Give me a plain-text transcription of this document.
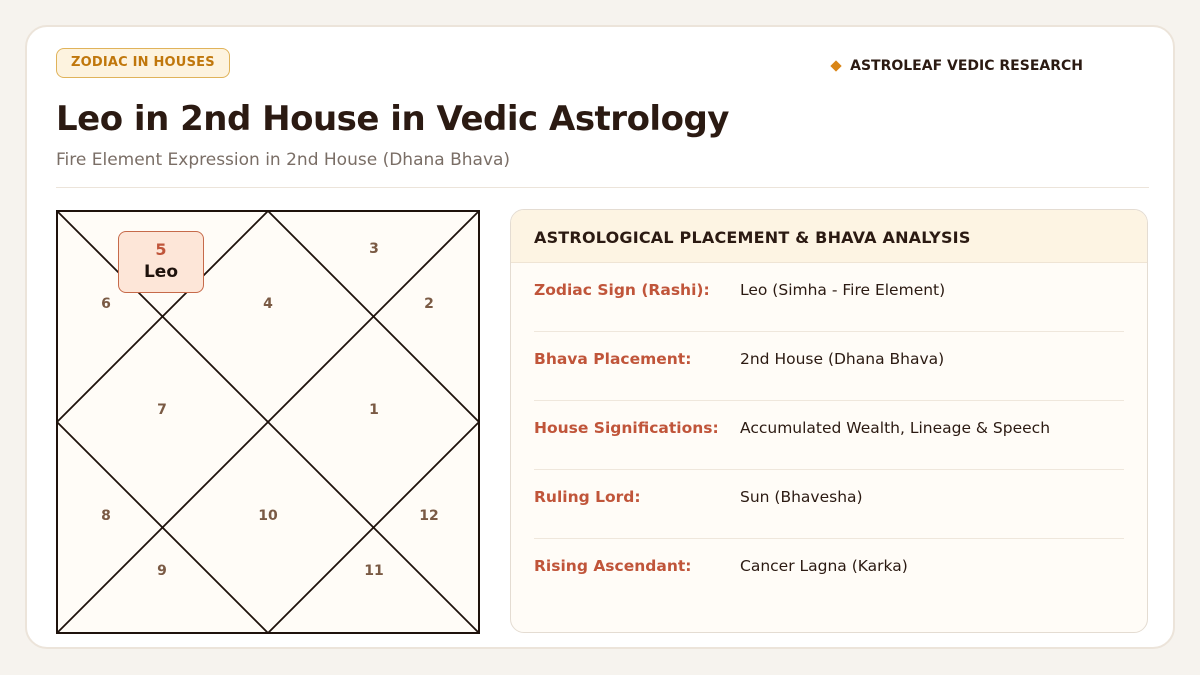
ZODIAC IN HOUSES	ASTROLEAF VEDIC RESEARCH
Leo in 2nd House in Vedic Astrology
Fire Element Expression in 2nd House (Dhana Bhava)
3
6	4	2
7	1
8	10	12
9	11
5
Leo
ASTROLOGICAL PLACEMENT & BHAVA ANALYSIS
Zodiac Sign (Rashi): Leo (Simha - Fire Element)
Bhava Placement:	2nd House (Dhana Bhava)
House Significations: Accumulated Wealth, Lineage & Speech
Ruling Lord:	Sun (Bhavesha)
Rising Ascendant:	Cancer Lagna (Karka)
